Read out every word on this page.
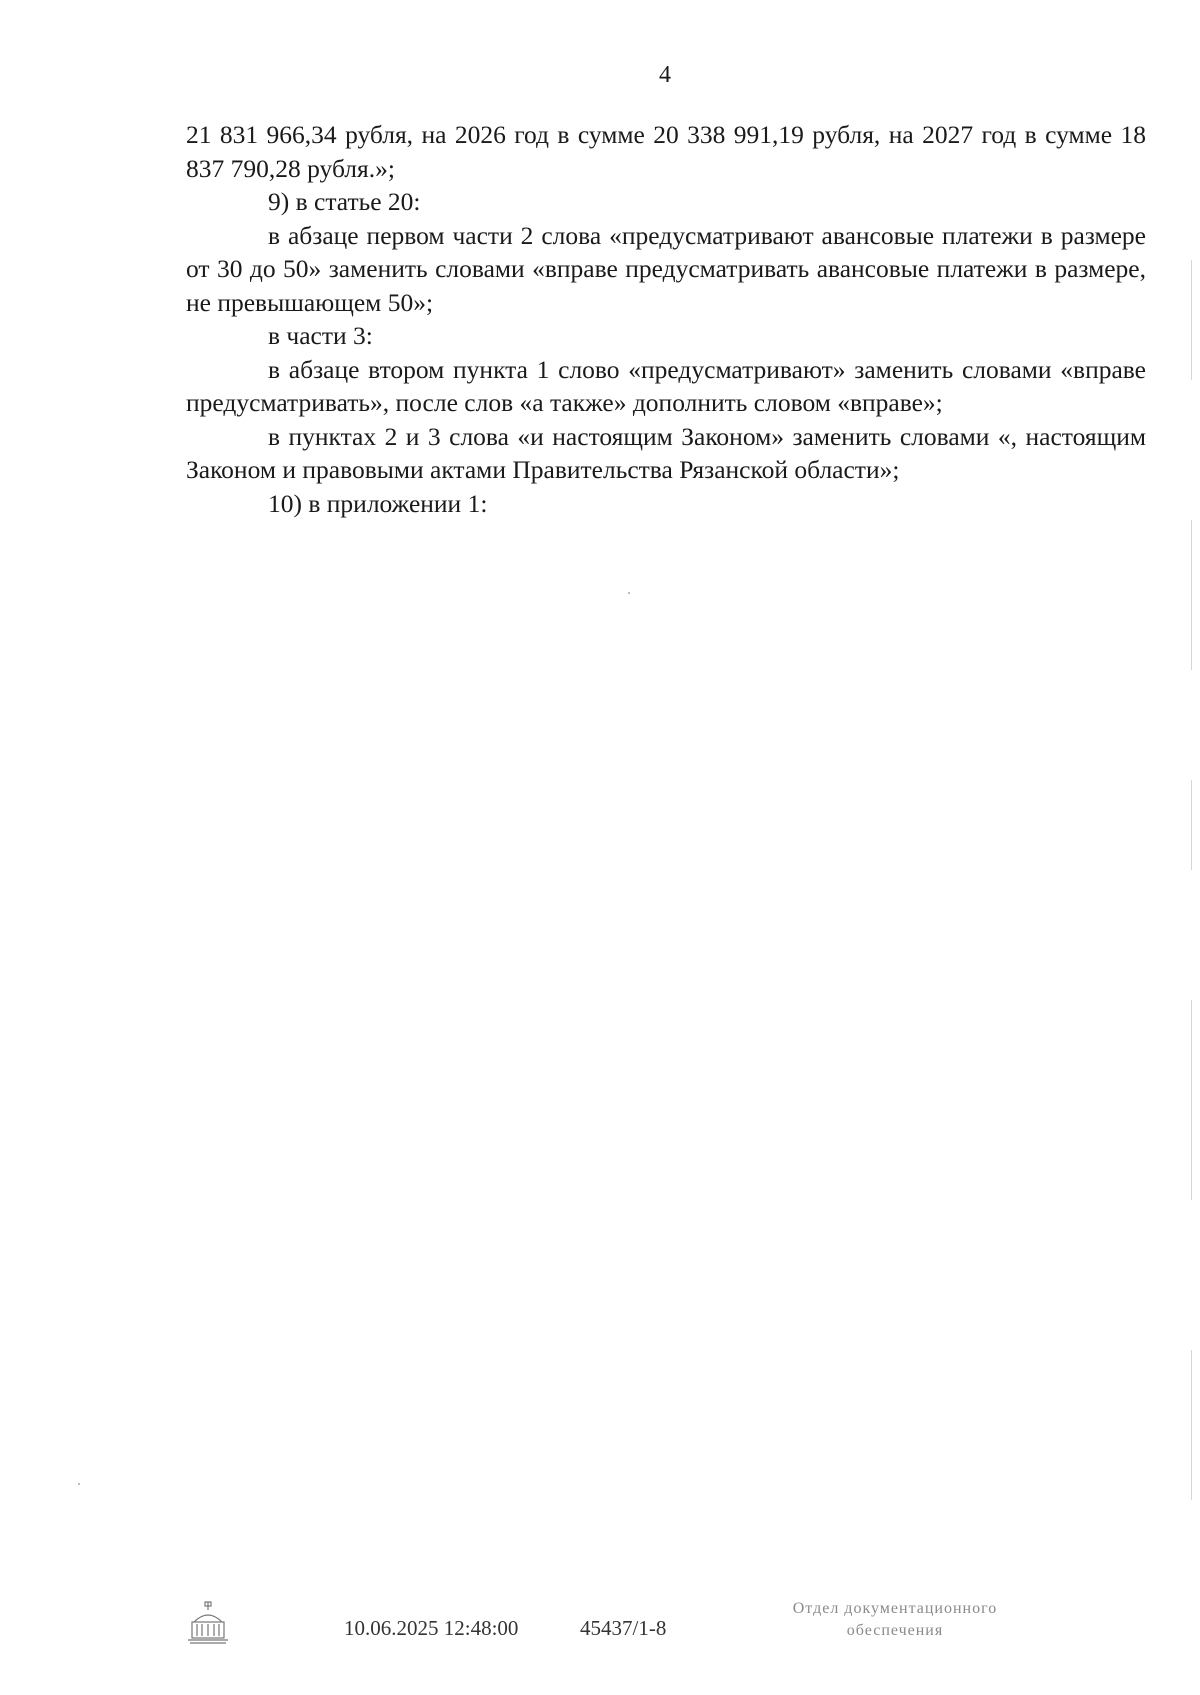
4

21 831 966,34 рубля, на 2026 год в сумме 20 338 991,19 рубля, на 2027 год в сумме 18 837 790,28 рубля.»;

9) в статье 20:

в абзаце первом части 2 слова «предусматривают авансовые платежи в размере от 30 до 50» заменить словами «вправе предусматривать авансовые платежи в размере, не превышающем 50»;

в части 3:

в абзаце втором пункта 1 слово «предусматривают» заменить словами «вправе предусматривать», после слов «а также» дополнить словом «вправе»;

в пунктах 2 и 3 слова «и настоящим Законом» заменить словами «, настоящим Законом и правовыми актами Правительства Рязанской области»;

10) в приложении 1:

10.06.2025 12:48:00	45437/1-8
Отдел документационного
обеспечения
